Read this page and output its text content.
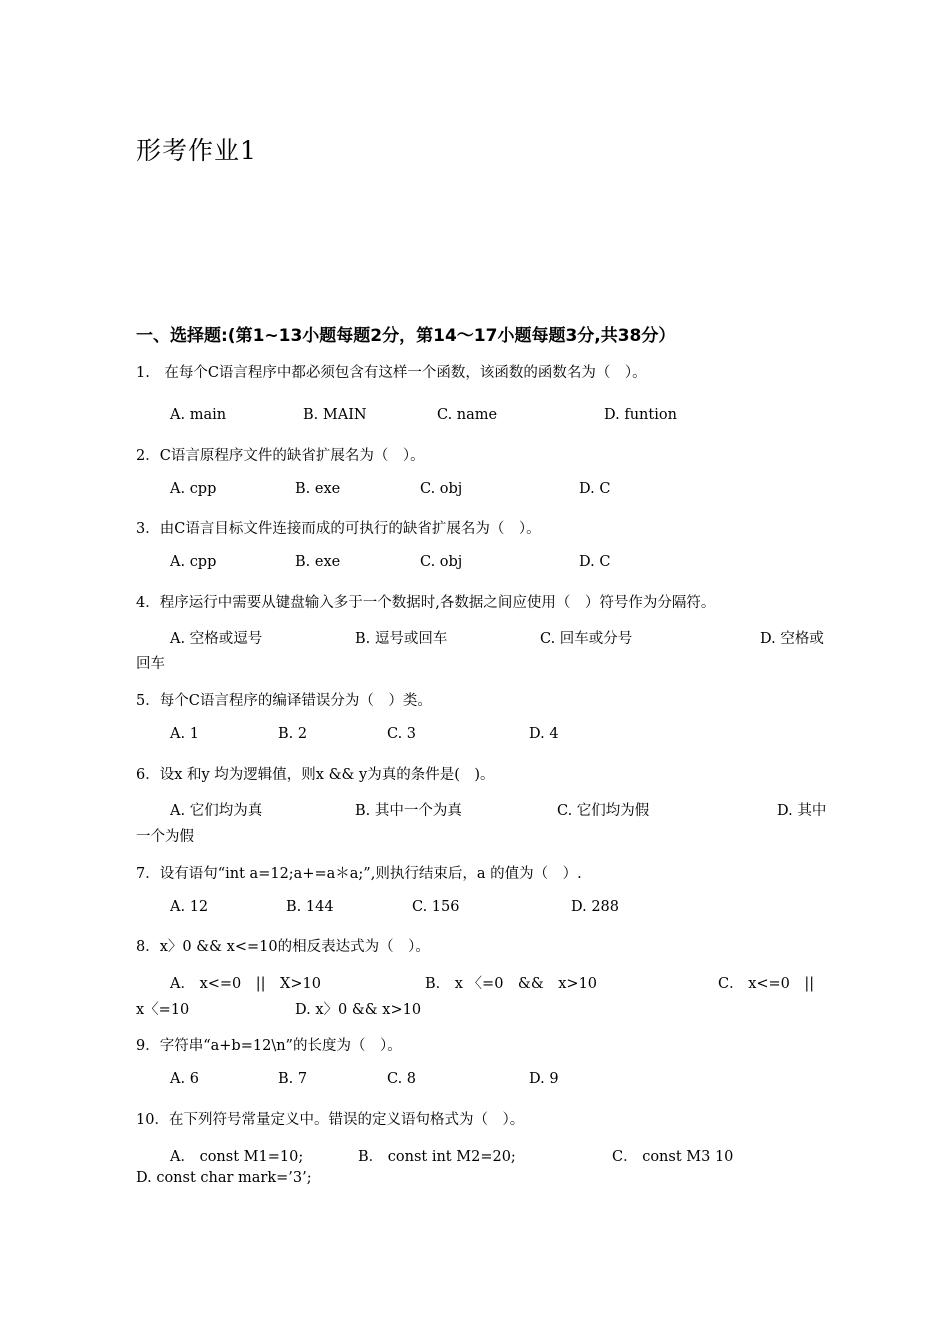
形考作业1
一、选择题:(第1~13小题每题2分，第14～17小题每题3分,共38分）
1.　在每个C语言程序中都必须包含有这样一个函数，该函数的函数名为（　）。
A. main	B. MAIN	C. name	D. funtion
2．C语言原程序文件的缺省扩展名为（　）。
A. cpp	B. exe	C. obj	D. C
3．由C语言目标文件连接而成的可执行的缺省扩展名为（　）。
A. cpp	B. exe	C. obj	D. C
4．程序运行中需要从键盘输入多于一个数据时,各数据之间应使用（　）符号作为分隔符。
A. 空格或逗号	B. 逗号或回车	C. 回车或分号	D. 空格或
回车
5．每个C语言程序的编译错误分为（　）类。
A. 1	B. 2	C. 3	D. 4
6．设x 和y 均为逻辑值，则x && y为真的条件是(　)。
A. 它们均为真	B. 其中一个为真	C. 它们均为假	D. 其中
一个为假
7．设有语句“int a=12;a+=a＊a;”,则执行结束后，a 的值为（　）.
A. 12	B. 144	C. 156	D. 288
8．x〉0 && x<=10的相反表达式为（　）。
A． x<=0　||　X>10	B． x 〈=0　&&　x>10	C． x<=0　||
x〈=10	D. x〉0 && x>10
9．字符串“a+b=12\n”的长度为（　）。
A. 6	B. 7	C. 8	D. 9
10．在下列符号常量定义中。错误的定义语句格式为（　）。
A． const M1=10;	B． const int M2=20;	C． const M3 10
D. const char mark=’3’;
